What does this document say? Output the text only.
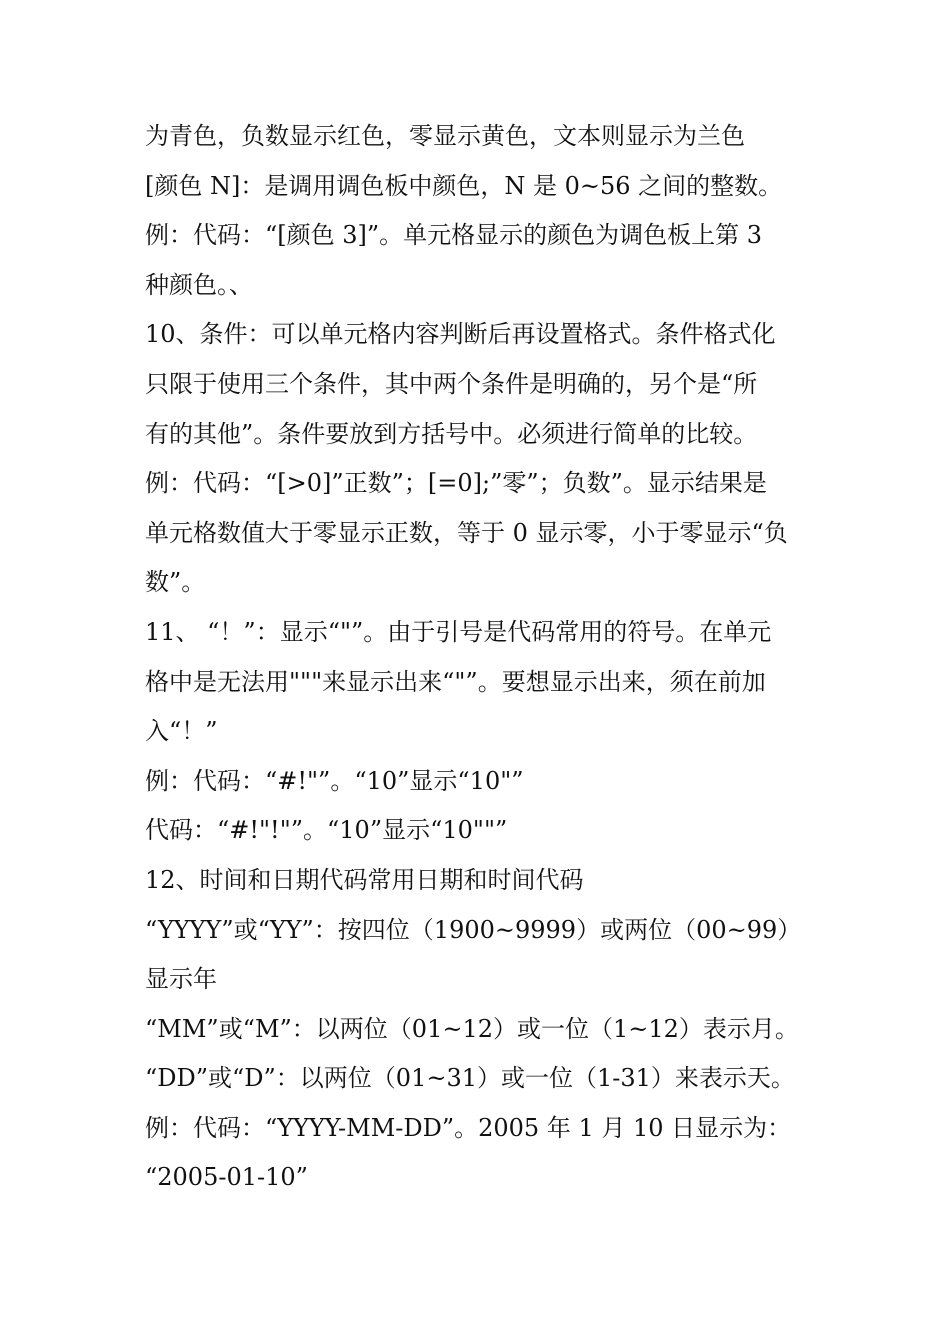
为青色，负数显示红色，零显示黄色，文本则显示为兰色
[颜色 N]：是调用调色板中颜色，N 是 0~56 之间的整数。
例：代码：“[颜色 3]”。单元格显示的颜色为调色板上第 3
种颜色。、
10、条件：可以单元格内容判断后再设置格式。条件格式化
只限于使用三个条件，其中两个条件是明确的，另个是“所
有的其他”。条件要放到方括号中。必须进行简单的比较。
例：代码：“[>0]”正数”；[=0];”零”；负数”。显示结果是
单元格数值大于零显示正数，等于 0 显示零，小于零显示“负
数”。
11、 “！”：显示“"”。由于引号是代码常用的符号。在单元
格中是无法用"""来显示出来“"”。要想显示出来，须在前加
入“！”
例：代码：“#!"”。“10”显示“10"”
代码：“#!"!"”。“10”显示“10""”
12、时间和日期代码常用日期和时间代码
“YYYY”或“YY”：按四位（1900~9999）或两位（00~99）
显示年
“MM”或“M”：以两位（01~12）或一位（1~12）表示月。
“DD”或“D”：以两位（01~31）或一位（1-31）来表示天。
例：代码：“YYYY-MM-DD”。2005 年 1 月 10 日显示为：
“2005-01-10”
